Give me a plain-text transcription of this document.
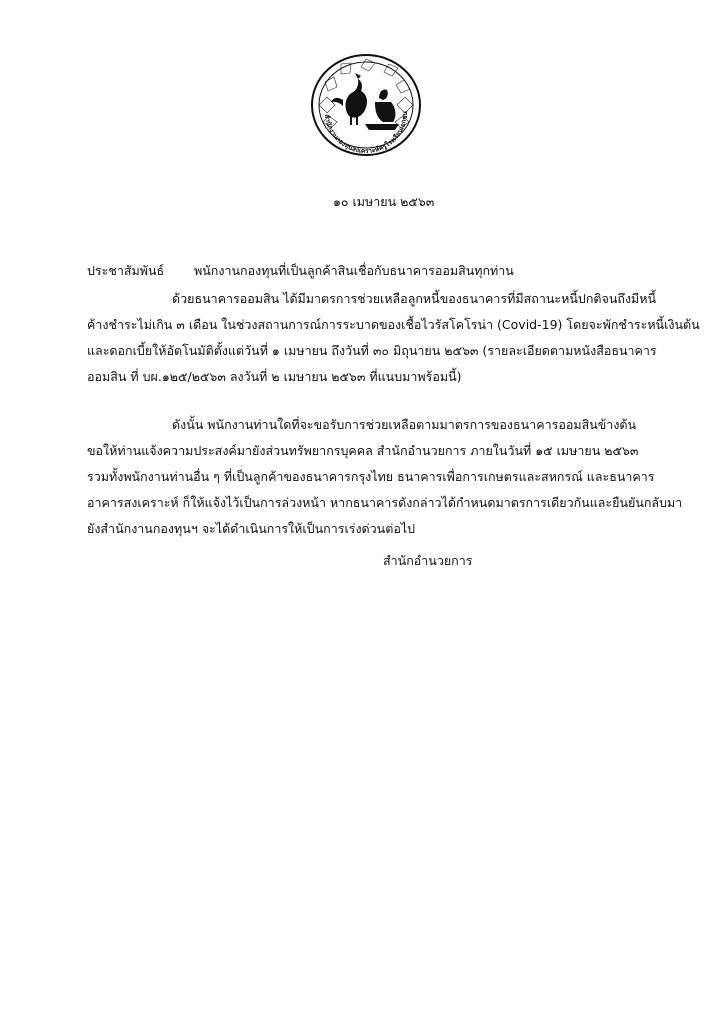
สำนักงานกองทุนสงเคราะห์ครูโรงเรียนเอกชน
๑๐ เมษายน ๒๕๖๓
ประชาสัมพันธ์ พนักงานกองทุนที่เป็นลูกค้าสินเชื่อกับธนาคารออมสินทุกท่าน
ด้วยธนาคารออมสิน ได้มีมาตรการช่วยเหลือลูกหนี้ของธนาคารที่มีสถานะหนี้ปกติจนถึงมีหนี้
ค้างชำระไม่เกิน ๓ เดือน ในช่วงสถานการณ์การระบาดของเชื้อไวรัสโคโรน่า (Covid-19) โดยจะพักชำระหนี้เงินต้น
และดอกเบี้ยให้อัตโนมัติตั้งแต่วันที่ ๑ เมษายน ถึงวันที่ ๓๐ มิถุนายน ๒๕๖๓ (รายละเอียดตามหนังสือธนาคาร
ออมสิน ที่ บผ.๑๒๕/๒๕๖๓ ลงวันที่ ๒ เมษายน ๒๕๖๓ ที่แนบมาพร้อมนี้)
ดังนั้น พนักงานท่านใดที่จะขอรับการช่วยเหลือตามมาตรการของธนาคารออมสินข้างต้น
ขอให้ท่านแจ้งความประสงค์มายังส่วนทรัพยากรบุคคล สำนักอำนวยการ ภายในวันที่ ๑๕ เมษายน ๒๕๖๓
รวมทั้งพนักงานท่านอื่น ๆ ที่เป็นลูกค้าของธนาคารกรุงไทย ธนาคารเพื่อการเกษตรและสหกรณ์ และธนาคาร
อาคารสงเคราะห์ ก็ให้แจ้งไว้เป็นการล่วงหน้า หากธนาคารดังกล่าวได้กำหนดมาตรการเดียวกันและยืนยันกลับมา
ยังสำนักงานกองทุนฯ จะได้ดำเนินการให้เป็นการเร่งด่วนต่อไป
สำนักอำนวยการ
